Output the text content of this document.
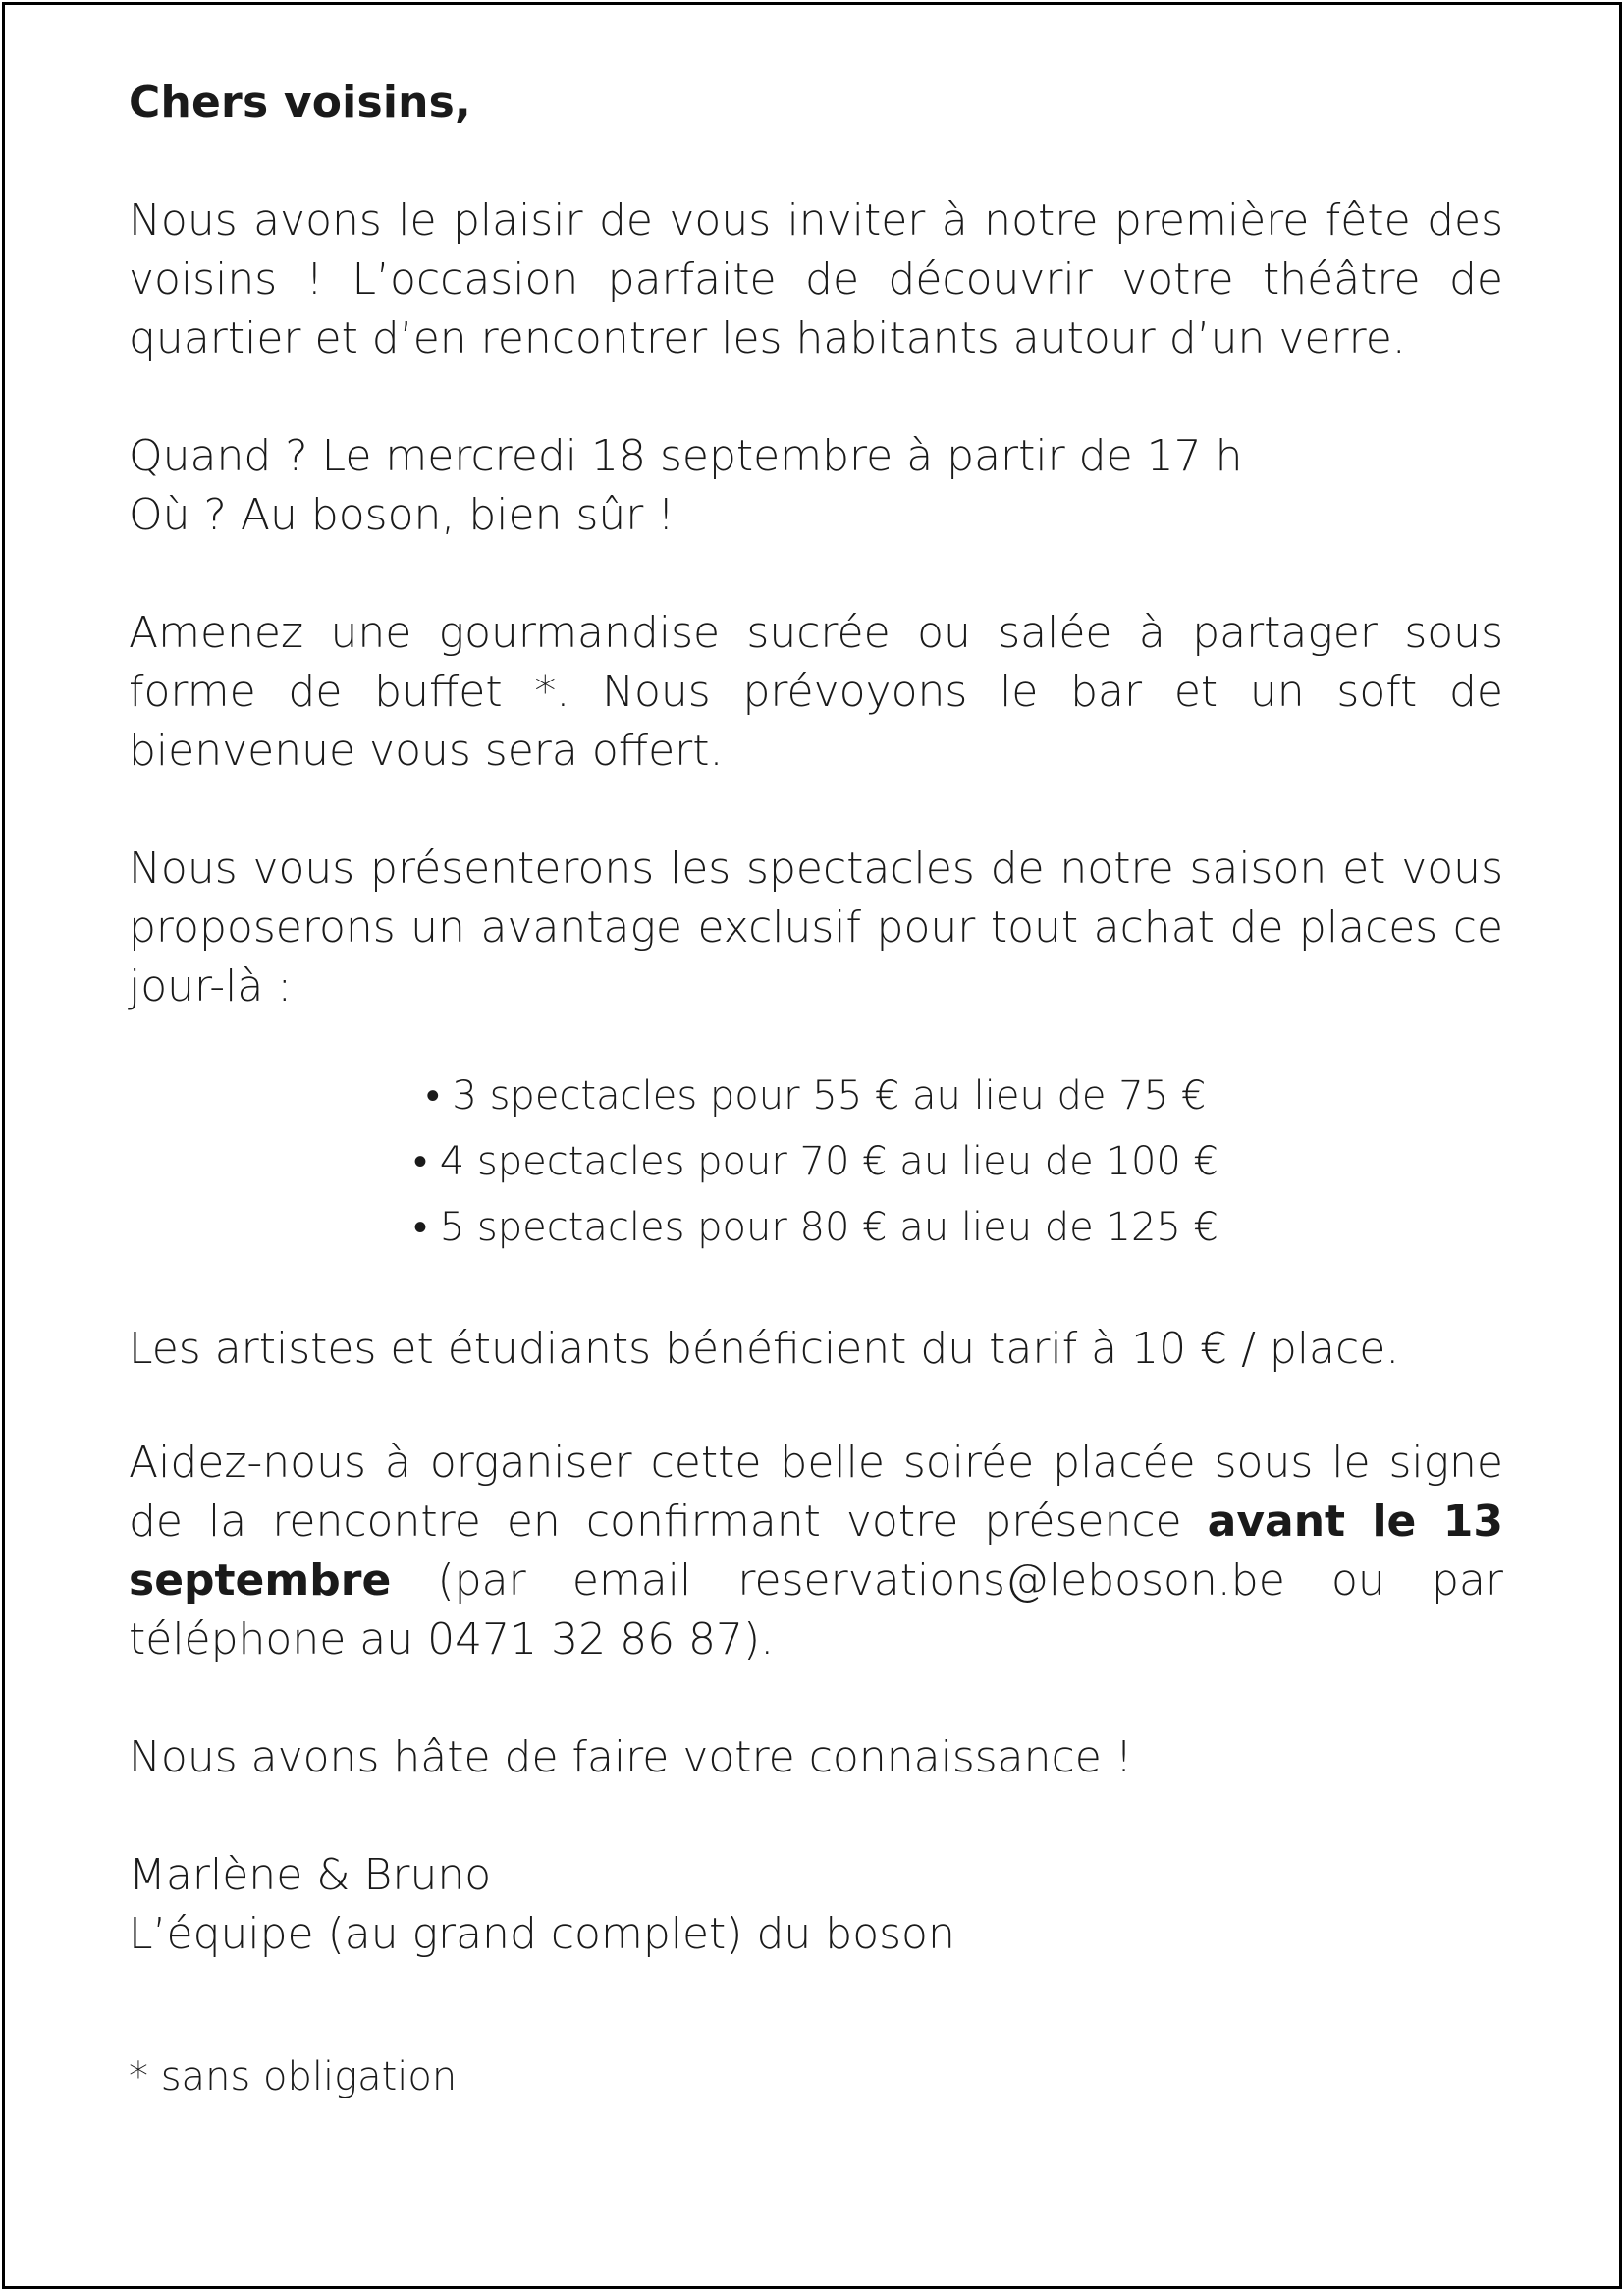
Chers voisins,

Nous avons le plaisir de vous inviter à notre première fête des voisins ! L’occasion parfaite de découvrir votre théâtre de quartier et d’en rencontrer les habitants autour d’un verre.

Quand ? Le mercredi 18 septembre à partir de 17 h
Où ? Au boson, bien sûr !

Amenez une gourmandise sucrée ou salée à partager sous forme de buffet *. Nous prévoyons le bar et un soft de bienvenue vous sera offert.

Nous vous présenterons les spectacles de notre saison et vous proposerons un avantage exclusif pour tout achat de places ce jour-là :

• 3 spectacles pour 55 € au lieu de 75 €
• 4 spectacles pour 70 € au lieu de 100 €
• 5 spectacles pour 80 € au lieu de 125 €

Les artistes et étudiants bénéficient du tarif à 10 € / place.

Aidez-nous à organiser cette belle soirée placée sous le signe de la rencontre en confirmant votre présence avant le 13 septembre (par email reservations@leboson.be ou par téléphone au 0471 32 86 87).

Nous avons hâte de faire votre connaissance !

Marlène & Bruno
L’équipe (au grand complet) du boson

* sans obligation
